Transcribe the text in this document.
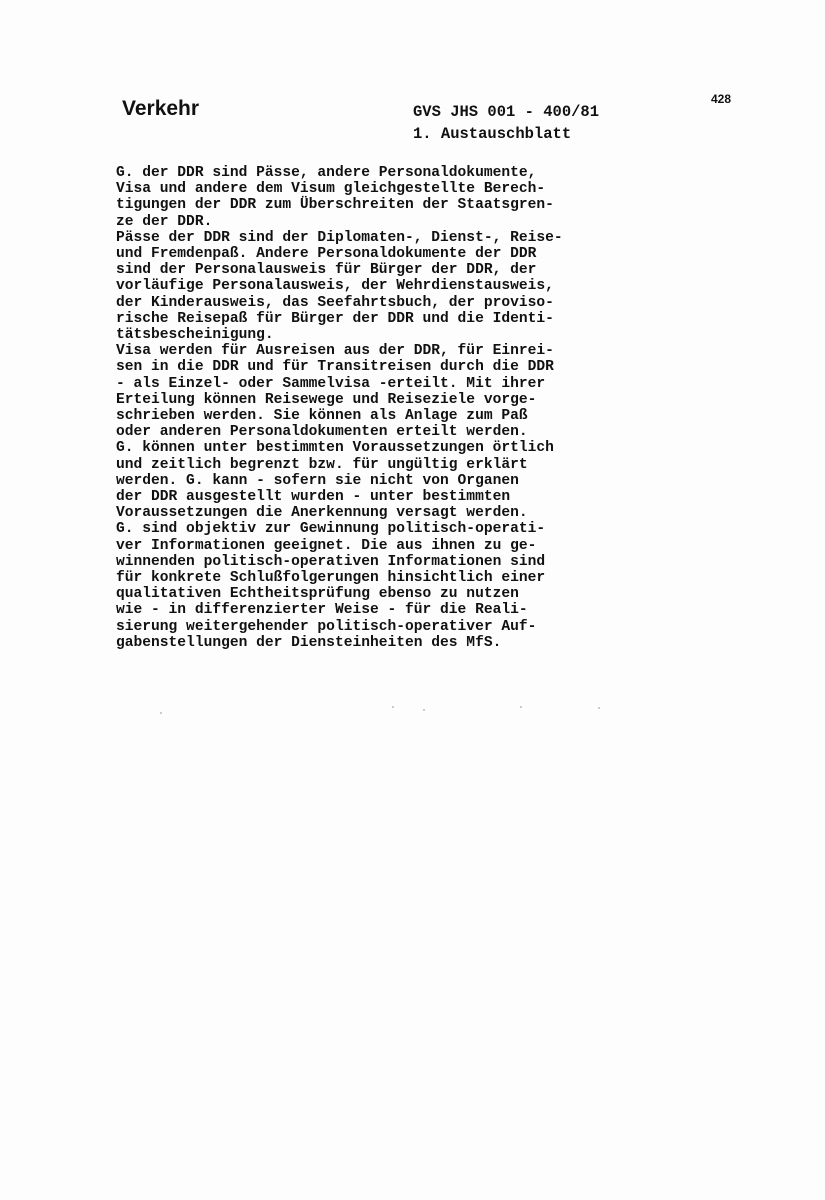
Verkehr	GVS JHS 001 - 400/81
1. Austauschblatt
428
G. der DDR sind Pässe, andere Personaldokumente,
Visa und andere dem Visum gleichgestellte Berech-
tigungen der DDR zum Überschreiten der Staatsgren-
ze der DDR.
Pässe der DDR sind der Diplomaten-, Dienst-, Reise-
und Fremdenpaß. Andere Personaldokumente der DDR
sind der Personalausweis für Bürger der DDR, der
vorläufige Personalausweis, der Wehrdienstausweis,
der Kinderausweis, das Seefahrtsbuch, der proviso-
rische Reisepaß für Bürger der DDR und die Identi-
tätsbescheinigung.
Visa werden für Ausreisen aus der DDR, für Einrei-
sen in die DDR und für Transitreisen durch die DDR
- als Einzel- oder Sammelvisa -erteilt. Mit ihrer
Erteilung können Reisewege und Reiseziele vorge-
schrieben werden. Sie können als Anlage zum Paß
oder anderen Personaldokumenten erteilt werden.
G. können unter bestimmten Voraussetzungen örtlich
und zeitlich begrenzt bzw. für ungültig erklärt
werden. G. kann - sofern sie nicht von Organen
der DDR ausgestellt wurden - unter bestimmten
Voraussetzungen die Anerkennung versagt werden.
G. sind objektiv zur Gewinnung politisch-operati-
ver Informationen geeignet. Die aus ihnen zu ge-
winnenden politisch-operativen Informationen sind
für konkrete Schlußfolgerungen hinsichtlich einer
qualitativen Echtheitsprüfung ebenso zu nutzen
wie - in differenzierter Weise - für die Reali-
sierung weitergehender politisch-operativer Auf-
gabenstellungen der Diensteinheiten des MfS.
